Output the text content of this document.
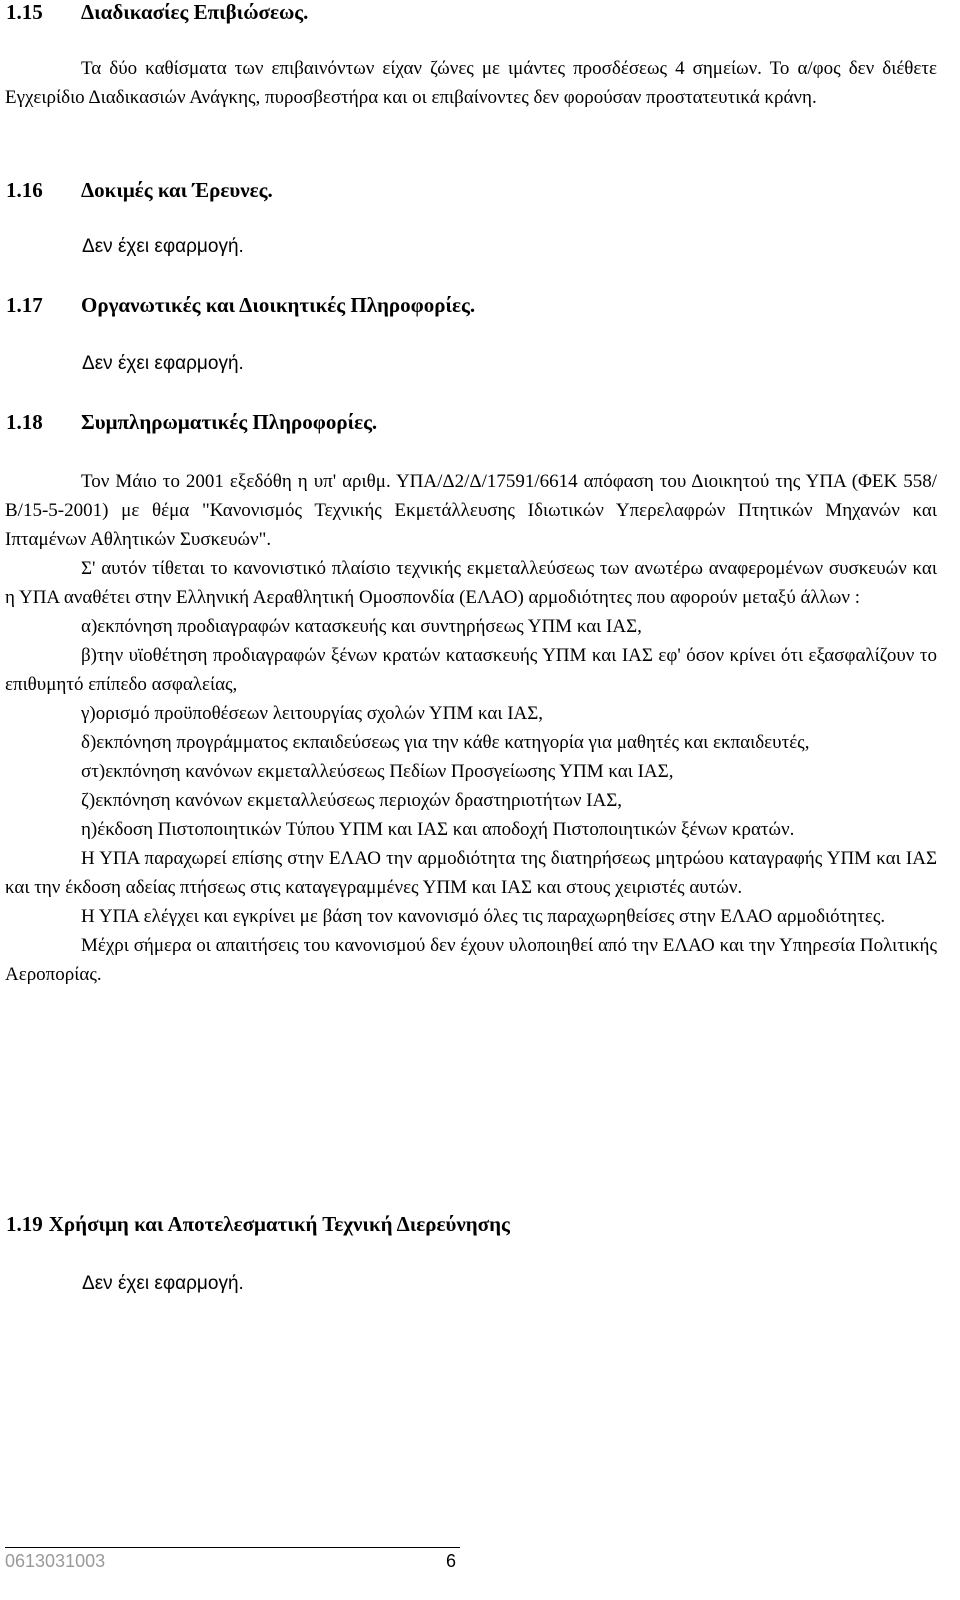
1.15 Διαδικασίες Επιβιώσεως.

Τα δύο καθίσματα των επιβαινόντων είχαν ζώνες με ιμάντες προσδέσεως 4 σημείων. Το α/φος δεν διέθετε Εγχειρίδιο Διαδικασιών Ανάγκης, πυροσβεστήρα και οι επιβαίνοντες δεν φορούσαν προστατευτικά κράνη.

1.16 Δοκιμές και Έρευνες.
Δεν έχει εφαρμογή.
1.17 Οργανωτικές και Διοικητικές Πληροφορίες.
Δεν έχει εφαρμογή.
1.18 Συμπληρωματικές Πληροφορίες.

Τον Μάιο το 2001 εξεδόθη η υπ' αριθμ. ΥΠΑ/Δ2/Δ/17591/6614 απόφαση του Διοικητού της ΥΠΑ (ΦΕΚ 558/Β/15-5-2001) με θέμα "Κανονισμός Τεχνικής Εκμετάλλευσης Ιδιωτικών Υπερελαφρών Πτητικών Μηχανών και Ιπταμένων Αθλητικών Συσκευών".

Σ' αυτόν τίθεται το κανονιστικό πλαίσιο τεχνικής εκμεταλλεύσεως των ανωτέρω αναφερομένων συσκευών και η ΥΠΑ αναθέτει στην Ελληνική Αεραθλητική Ομοσπονδία (ΕΛΑΟ) αρμοδιότητες που αφορούν μεταξύ άλλων :

α)εκπόνηση προδιαγραφών κατασκευής και συντηρήσεως ΥΠΜ και ΙΑΣ,

β)την υϊοθέτηση προδιαγραφών ξένων κρατών κατασκευής ΥΠΜ και ΙΑΣ εφ' όσον κρίνει ότι εξασφαλίζουν το επιθυμητό επίπεδο ασφαλείας,

γ)ορισμό προϋποθέσεων λειτουργίας σχολών ΥΠΜ και ΙΑΣ,

δ)εκπόνηση προγράμματος εκπαιδεύσεως για την κάθε κατηγορία για μαθητές και εκπαιδευτές,

στ)εκπόνηση κανόνων εκμεταλλεύσεως Πεδίων Προσγείωσης ΥΠΜ και ΙΑΣ,

ζ)εκπόνηση κανόνων εκμεταλλεύσεως περιοχών δραστηριοτήτων ΙΑΣ,

η)έκδοση Πιστοποιητικών Τύπου ΥΠΜ και ΙΑΣ και αποδοχή Πιστοποιητικών ξένων κρατών.

Η ΥΠΑ παραχωρεί επίσης στην ΕΛΑΟ την αρμοδιότητα της διατηρήσεως μητρώου καταγραφής ΥΠΜ και ΙΑΣ και την έκδοση αδείας πτήσεως στις καταγεγραμμένες ΥΠΜ και ΙΑΣ και στους χειριστές αυτών.

Η ΥΠΑ ελέγχει και εγκρίνει με βάση τον κανονισμό όλες τις παραχωρηθείσες στην ΕΛΑΟ αρμοδιότητες.

Μέχρι σήμερα οι απαιτήσεις του κανονισμού δεν έχουν υλοποιηθεί από την ΕΛΑΟ και την Υπηρεσία Πολιτικής Αεροπορίας.

1.19 Χρήσιμη και Αποτελεσματική Τεχνική Διερεύνησης
Δεν έχει εφαρμογή.
0613031003	6
